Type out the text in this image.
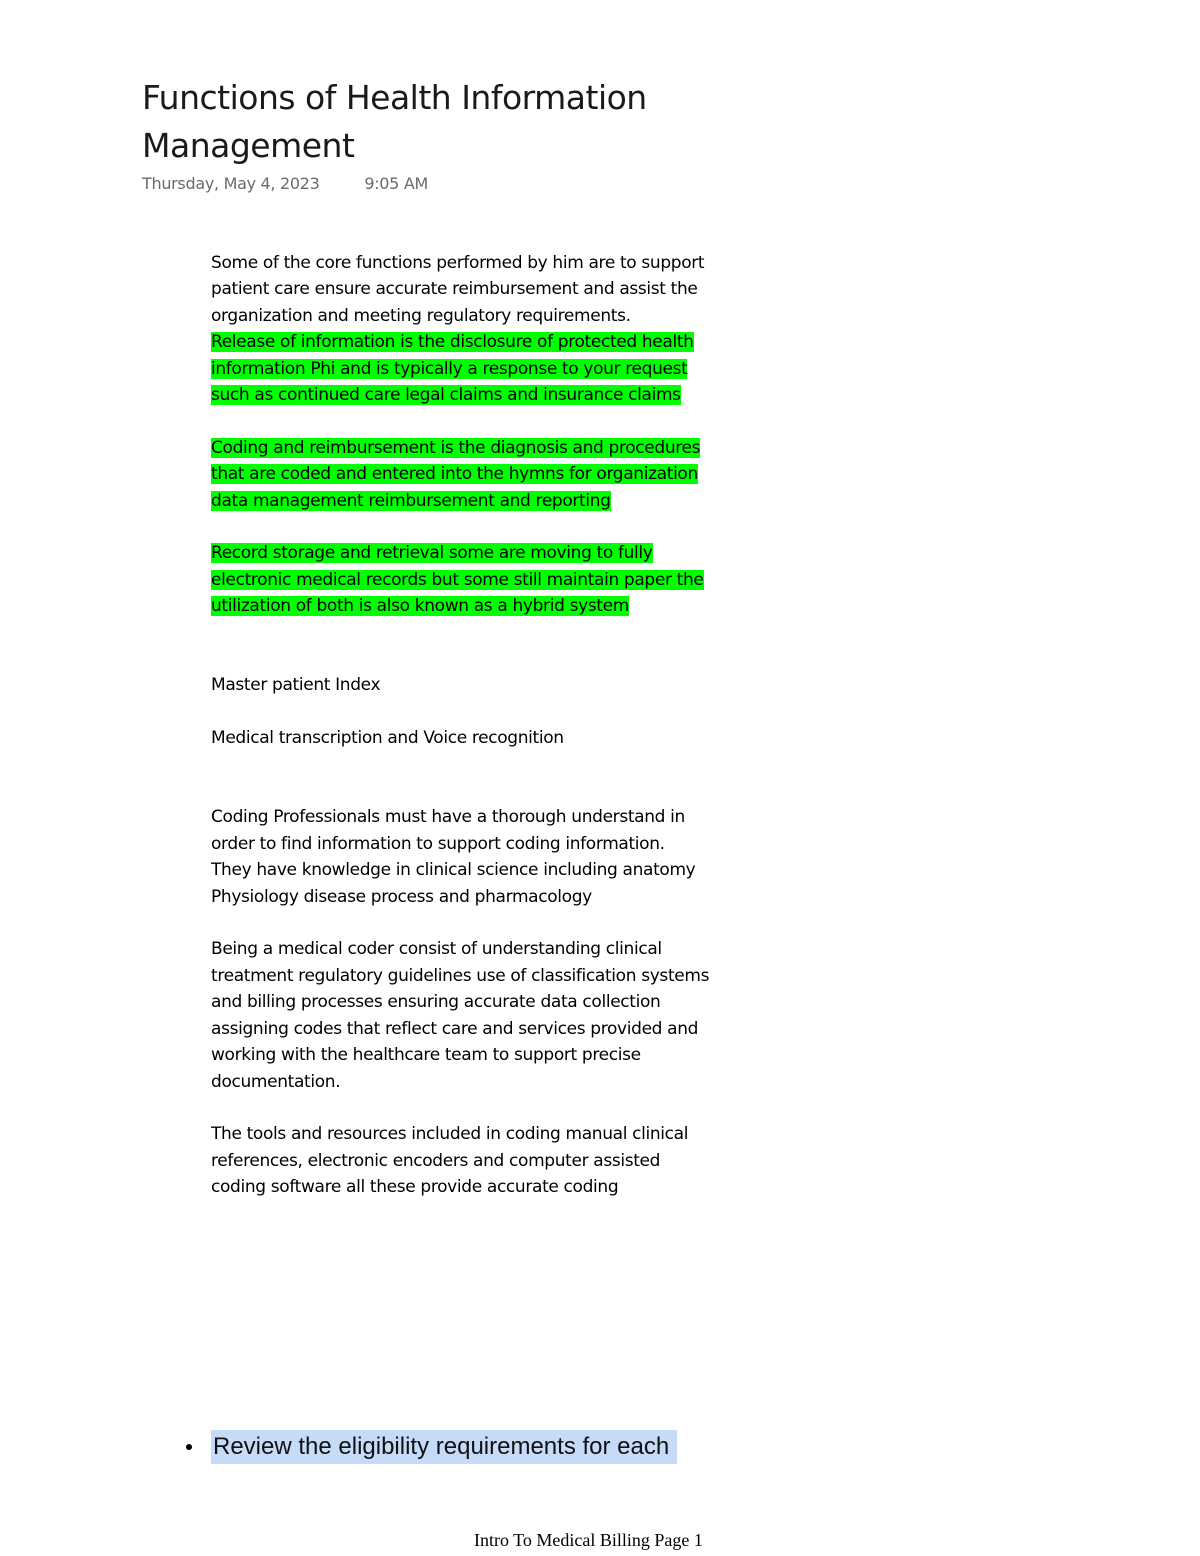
Functions of Health Information Management
Thursday, May 4, 2023	9:05 AM

Some of the core functions performed by him are to support patient care ensure accurate reimbursement and assist the organization and meeting regulatory requirements.

Release of information is the disclosure of protected health information Phi and is typically a response to your request such as continued care legal claims and insurance claims

Coding and reimbursement is the diagnosis and procedures that are coded and entered into the hymns for organization data management reimbursement and reporting

Record storage and retrieval some are moving to fully electronic medical records but some still maintain paper the utilization of both is also known as a hybrid system

Master patient Index

Medical transcription and Voice recognition

Coding Professionals must have a thorough understand in order to find information to support coding information.

They have knowledge in clinical science including anatomy Physiology disease process and pharmacology

Being a medical coder consist of understanding clinical treatment regulatory guidelines use of classification systems and billing processes ensuring accurate data collection assigning codes that reflect care and services provided and working with the healthcare team to support precise documentation.

The tools and resources included in coding manual clinical references, electronic encoders and computer assisted coding software all these provide accurate coding

Review the eligibility requirements for each
Intro To Medical Billing Page 1
